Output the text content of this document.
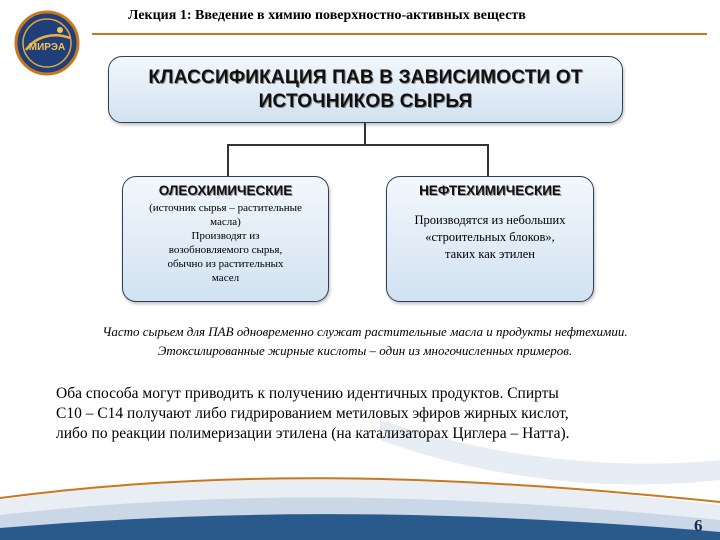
МИРЭА
Лекция 1: Введение в химию поверхностно-активных веществ
КЛАССИФИКАЦИЯ ПАВ В ЗАВИСИМОСТИ ОТ
ИСТОЧНИКОВ СЫРЬЯ
ОЛЕОХИМИЧЕСКИЕ
(источник сырья – растительные
масла)
Производят из
возобновляемого сырья,
обычно из растительных
масел
НЕФТЕХИМИЧЕСКИЕ
Производятся из небольших
«строительных блоков»,
таких как этилен
Часто сырьем для ПАВ одновременно служат растительные масла и продукты нефтехимии.
Этоксилированные жирные кислоты – один из многочисленных примеров.
Оба способа могут приводить к получению идентичных продуктов. Спирты
С10 – С14 получают либо гидрированием метиловых эфиров жирных кислот,
либо по реакции полимеризации этилена (на катализаторах Циглера – Натта).
6
